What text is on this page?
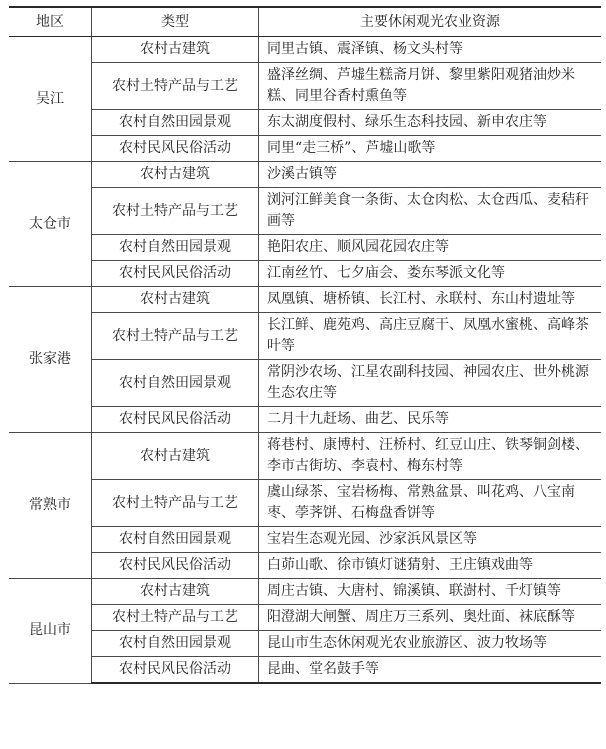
地区	类型	主要休闲观光农业资源
吴江	农村古建筑	同里古镇、震泽镇、杨文头村等
	农村土特产品与工艺	盛泽丝绸、芦墟生糕斋月饼、黎里紫阳观猪油炒米糕、同里谷香村熏鱼等
	农村自然田园景观	东太湖度假村、绿乐生态科技园、新申农庄等
	农村民风民俗活动	同里“走三桥”、芦墟山歌等
太仓市	农村古建筑	沙溪古镇等
	农村土特产品与工艺	浏河江鲜美食一条街、太仓肉松、太仓西瓜、麦秸秆画等
	农村自然田园景观	艳阳农庄、顺风园花园农庄等
	农村民风民俗活动	江南丝竹、七夕庙会、娄东琴派文化等
张家港	农村古建筑	凤凰镇、塘桥镇、长江村、永联村、东山村遗址等
	农村土特产品与工艺	长江鲜、鹿苑鸡、高庄豆腐干、凤凰水蜜桃、高峰茶叶等
	农村自然田园景观	常阴沙农场、江星农副科技园、神园农庄、世外桃源生态农庄等
	农村民风民俗活动	二月十九赶场、曲艺、民乐等
常熟市	农村古建筑	蒋巷村、康博村、汪桥村、红豆山庄、铁琴铜剑楼、李市古街坊、李袁村、梅东村等
	农村土特产品与工艺	虞山绿茶、宝岩杨梅、常熟盆景、叫花鸡、八宝南枣、荸荠饼、石梅盘香饼等
	农村自然田园景观	宝岩生态观光园、沙家浜风景区等
	农村民风民俗活动	白茆山歌、徐市镇灯谜猜射、王庄镇戏曲等
昆山市	农村古建筑	周庄古镇、大唐村、锦溪镇、联澍村、千灯镇等
	农村土特产品与工艺	阳澄湖大闸蟹、周庄万三系列、奥灶面、袜底酥等
	农村自然田园景观	昆山市生态休闲观光农业旅游区、波力牧场等
	农村民风民俗活动	昆曲、堂名鼓手等
